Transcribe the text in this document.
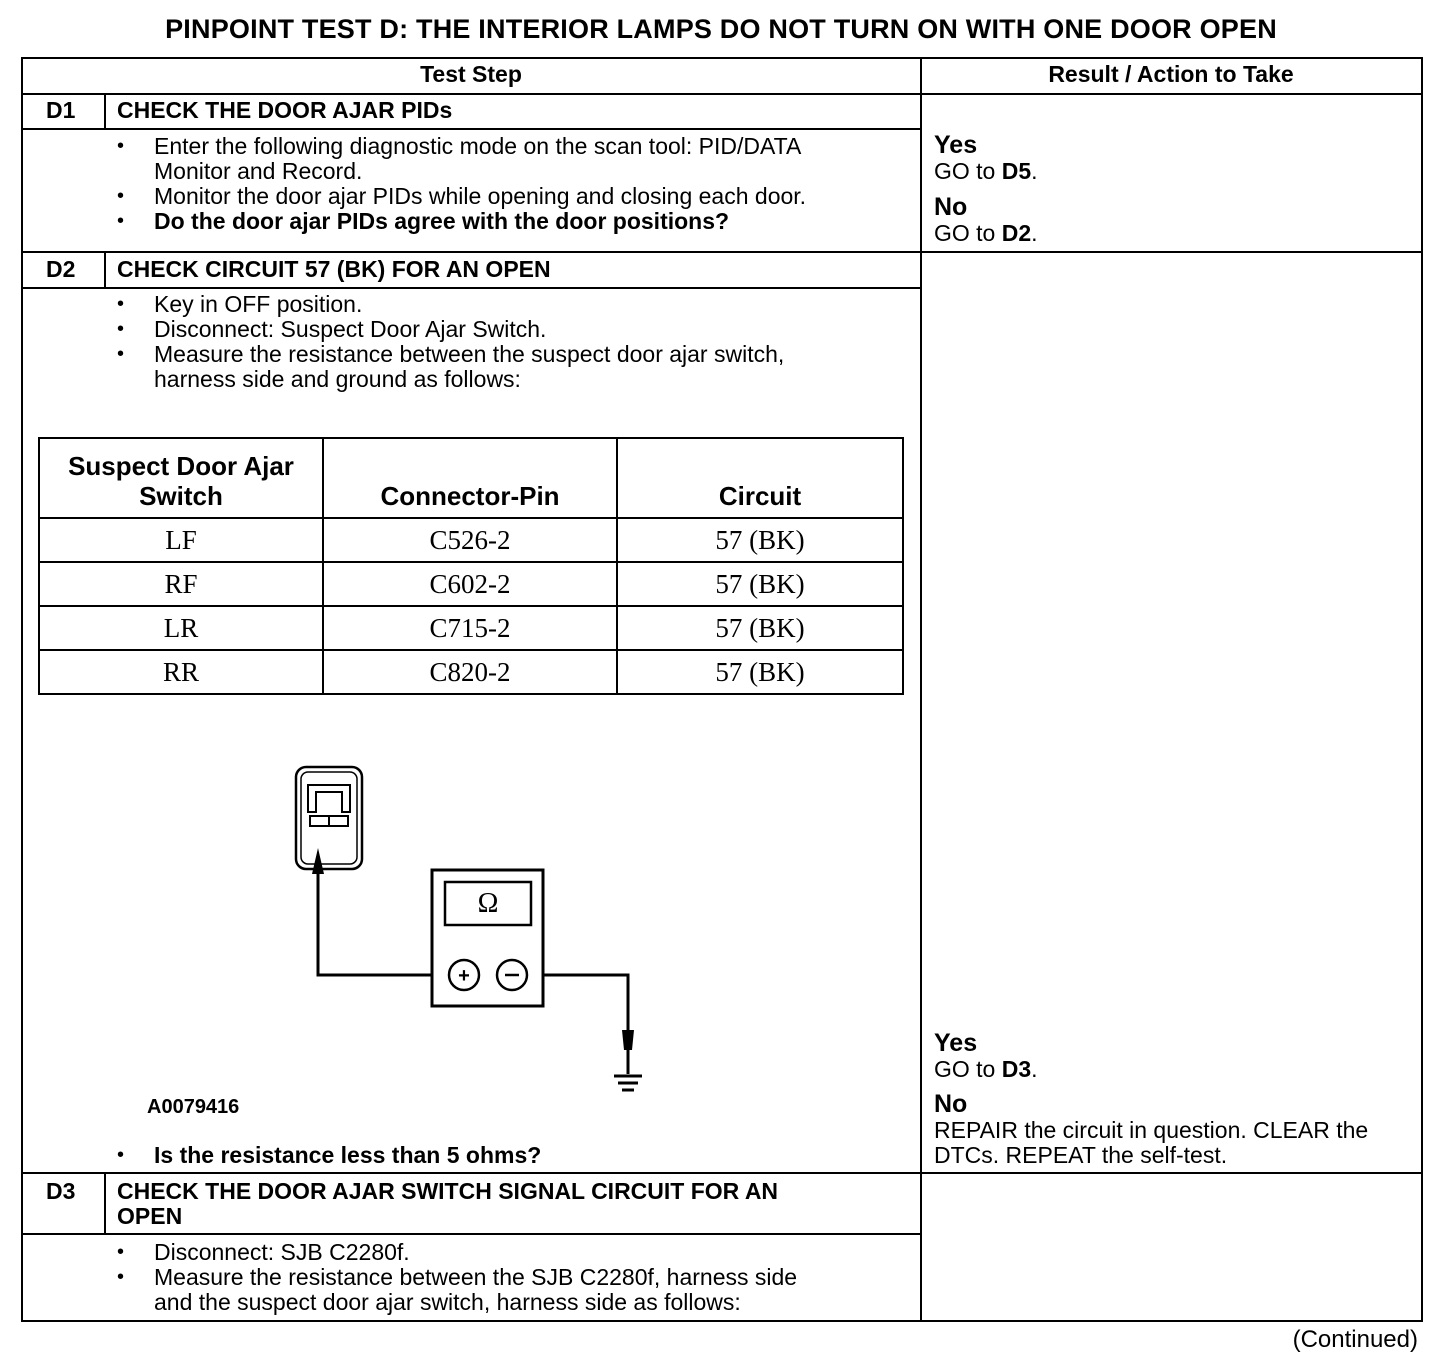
PINPOINT TEST D: THE INTERIOR LAMPS DO NOT TURN ON WITH ONE DOOR OPEN
Test Step	Result / Action to Take
D1 CHECK THE DOOR AJAR PIDs
• Enter the following diagnostic mode on the scan tool: PID/DATA
Monitor and Record.
• Monitor the door ajar PIDs while opening and closing each door.
• Do the door ajar PIDs agree with the door positions?
Yes
GO to D5.
No
GO to D2.
D2 CHECK CIRCUIT 57 (BK) FOR AN OPEN
• Key in OFF position.
• Disconnect: Suspect Door Ajar Switch.
• Measure the resistance between the suspect door ajar switch,
harness side and ground as follows:
Suspect Door Ajar
Switch	Connector-Pin	Circuit
LF	C526-2	57 (BK)
RF	C602-2	57 (BK)
LR	C715-2	57 (BK)
RR	C820-2	57 (BK)
+
Ω
A0079416
• Is the resistance less than 5 ohms?
Yes
GO to D3.
No
REPAIR the circuit in question. CLEAR the
DTCs. REPEAT the self-test.
D3 CHECK THE DOOR AJAR SWITCH SIGNAL CIRCUIT FOR AN
OPEN
• Disconnect: SJB C2280f.
• Measure the resistance between the SJB C2280f, harness side
and the suspect door ajar switch, harness side as follows:
(Continued)
